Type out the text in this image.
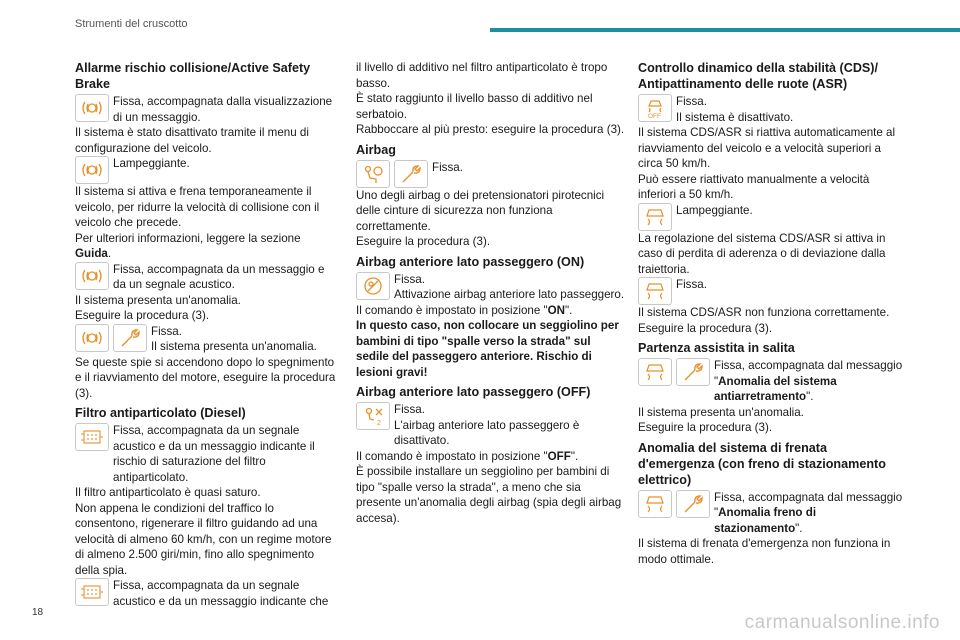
Strumenti del cruscotto
Allarme rischio collisione/Active Safety Brake

Fissa, accompagnata dalla visualizzazione di un messaggio.

Il sistema è stato disattivato tramite il menu di configurazione del veicolo.

Lampeggiante.

Il sistema si attiva e frena temporaneamente il veicolo, per ridurre la velocità di collisione con il veicolo che precede.

Per ulteriori informazioni, leggere la sezione Guida.

Fissa, accompagnata da un messaggio e da un segnale acustico.

Il sistema presenta un'anomalia.

Eseguire la procedura (3).

Fissa.

Il sistema presenta un'anomalia.

Se queste spie si accendono dopo lo spegnimento e il riavviamento del motore, eseguire la procedura (3).

Filtro antiparticolato (Diesel)

Fissa, accompagnata da un segnale acustico e da un messaggio indicante il rischio di saturazione del filtro antiparticolato.

Il filtro antiparticolato è quasi saturo.

Non appena le condizioni del traffico lo consentono, rigenerare il filtro guidando ad una velocità di almeno 60 km/h, con un regime motore di almeno 2.500 giri/min, fino allo spegnimento della spia.

Fissa, accompagnata da un segnale acustico e da un messaggio indicante che

il livello di additivo nel filtro antiparticolato è tropo basso.

È stato raggiunto il livello basso di additivo nel serbatoio.

Rabboccare al più presto: eseguire la procedura (3).

Airbag

Fissa.

Uno degli airbag o dei pretensionatori pirotecnici delle cinture di sicurezza non funziona correttamente.

Eseguire la procedura (3).

Airbag anteriore lato passeggero (ON)

Fissa.

Attivazione airbag anteriore lato passeggero.

Il comando è impostato in posizione "ON".

In questo caso, non collocare un seggiolino per bambini di tipo "spalle verso la strada" sul sedile del passeggero anteriore. Rischio di lesioni gravi!

Airbag anteriore lato passeggero (OFF)
2

Fissa.

L'airbag anteriore lato passeggero è disattivato.

Il comando è impostato in posizione "OFF".

È possibile installare un seggiolino per bambini di tipo "spalle verso la strada", a meno che sia presente un'anomalia degli airbag (spia degli airbag accesa).

Controllo dinamico della stabilità (CDS)/ Antipattinamento delle ruote (ASR)
OFF

Fissa.

Il sistema è disattivato.

Il sistema CDS/ASR si riattiva automaticamente al riavviamento del veicolo e a velocità superiori a circa 50 km/h.

Può essere riattivato manualmente a velocità inferiori a 50 km/h.

Lampeggiante.

La regolazione del sistema CDS/ASR si attiva in caso di perdita di aderenza o di deviazione dalla traiettoria.

Fissa.

Il sistema CDS/ASR non funziona correttamente.

Eseguire la procedura (3).

Partenza assistita in salita

Fissa, accompagnata dal messaggio "Anomalia del sistema antiarretramento".

Il sistema presenta un'anomalia.

Eseguire la procedura (3).

Anomalia del sistema di frenata d'emergenza (con freno di stazionamento elettrico)

Fissa, accompagnata dal messaggio "Anomalia freno di stazionamento".

Il sistema di frenata d'emergenza non funziona in modo ottimale.

18	carmanualsonline.info
